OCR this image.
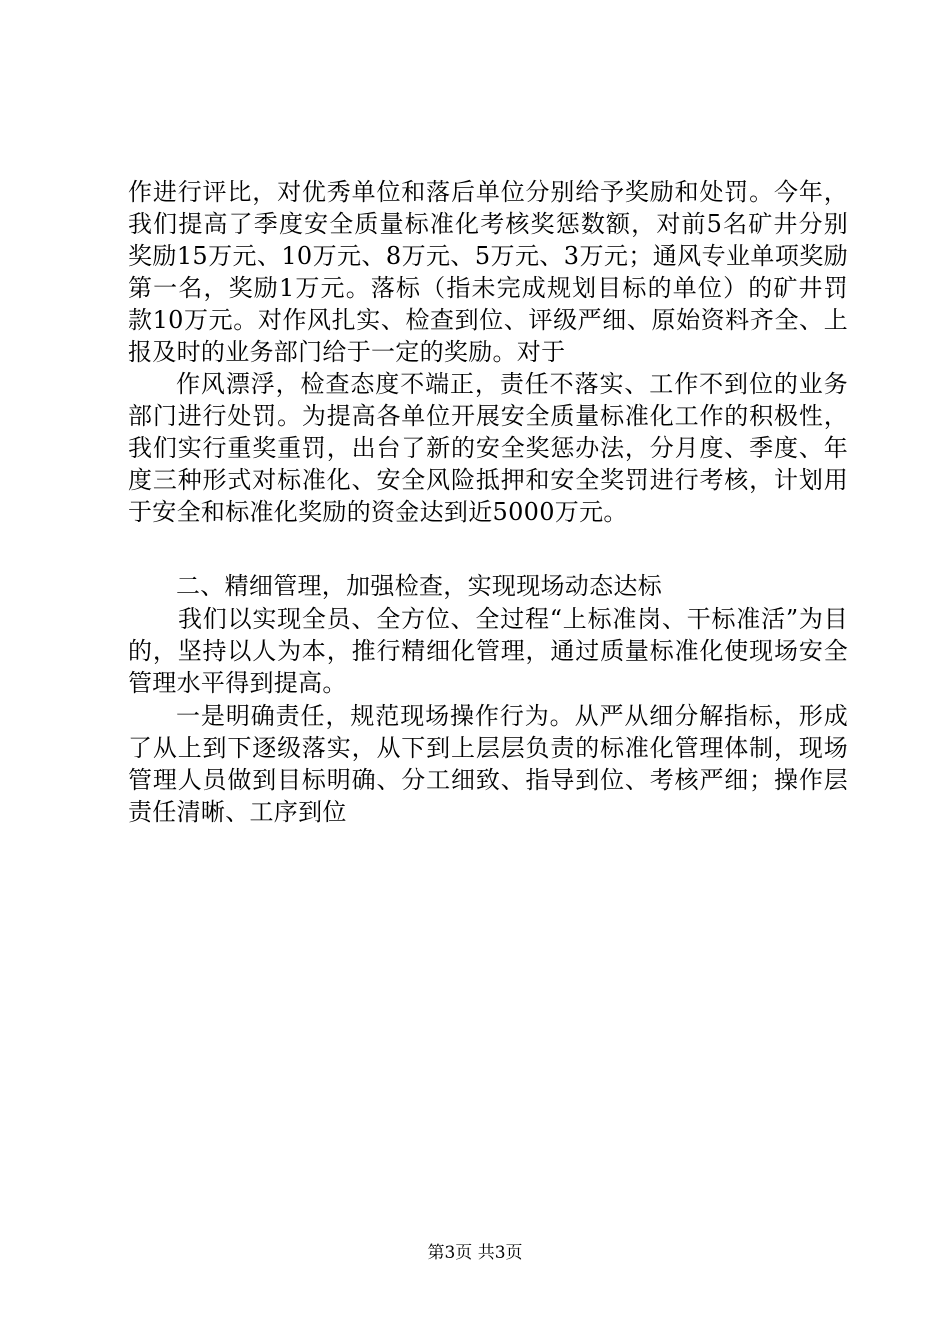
作进行评比，对优秀单位和落后单位分别给予奖励和处罚。今年，我们提高了季度安全质量标准化考核奖惩数额，对前5名矿井分别奖励15万元、10万元、8万元、5万元、3万元；通风专业单项奖励第一名，奖励1万元。落标（指未完成规划目标的单位）的矿井罚款10万元。对作风扎实、检查到位、评级严细、原始资料齐全、上报及时的业务部门给于一定的奖励。对于

作风漂浮，检查态度不端正，责任不落实、工作不到位的业务部门进行处罚。为提高各单位开展安全质量标准化工作的积极性，我们实行重奖重罚，出台了新的安全奖惩办法，分月度、季度、年度三种形式对标准化、安全风险抵押和安全奖罚进行考核，计划用于安全和标准化奖励的资金达到近5000万元。

二、精细管理，加强检查，实现现场动态达标

我们以实现全员、全方位、全过程“上标准岗、干标准活”为目的，坚持以人为本，推行精细化管理，通过质量标准化使现场安全管理水平得到提高。

一是明确责任，规范现场操作行为。从严从细分解指标，形成了从上到下逐级落实，从下到上层层负责的标准化管理体制，现场管理人员做到目标明确、分工细致、指导到位、考核严细；操作层责任清晰、工序到位

第3页 共3页
